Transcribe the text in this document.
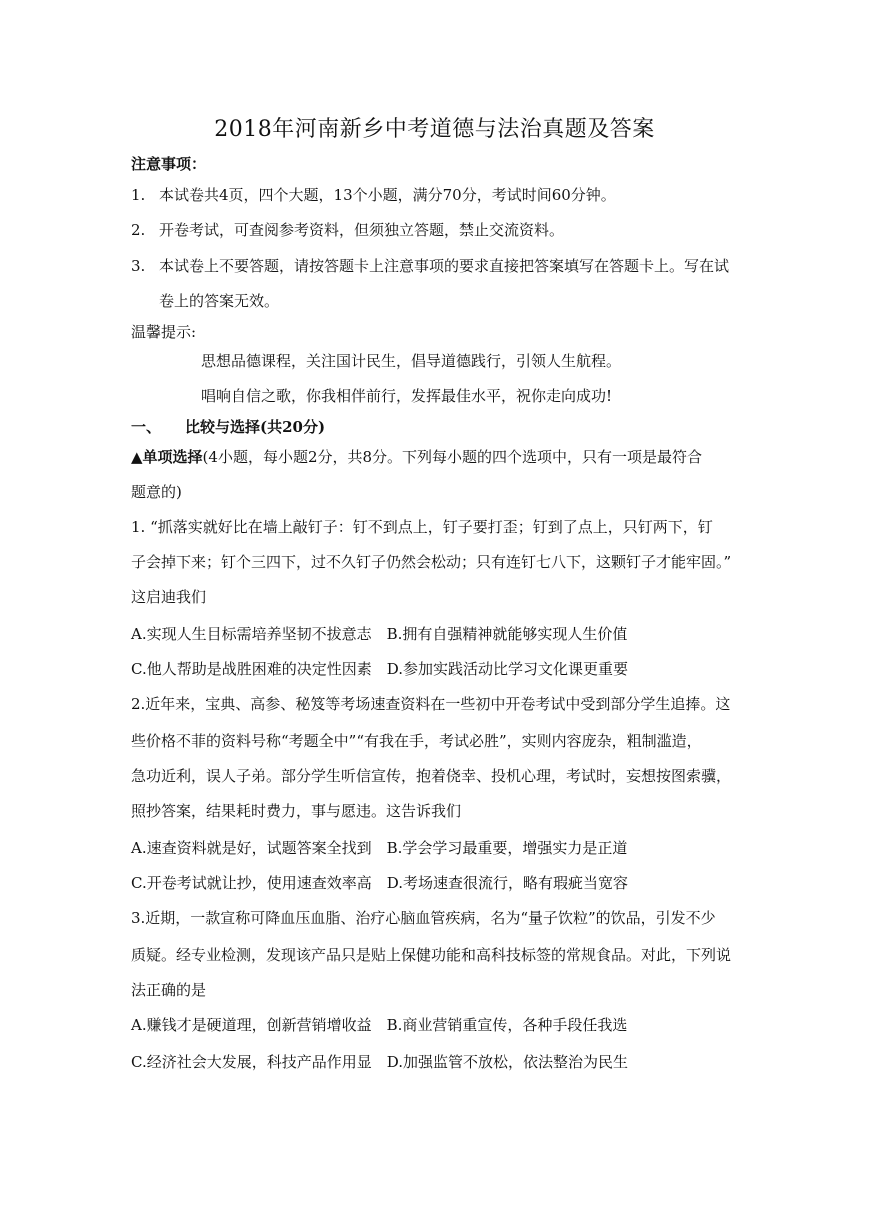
2018年河南新乡中考道德与法治真题及答案
注意事项：
1. 本试卷共4页，四个大题，13个小题，满分70分，考试时间60分钟。
2. 开卷考试，可查阅参考资料，但须独立答题，禁止交流资料。
3. 本试卷上不要答题，请按答题卡上注意事项的要求直接把答案填写在答题卡上。写在试
卷上的答案无效。
温馨提示:
思想品德课程，关注国计民生，倡导道德践行，引领人生航程。
唱响自信之歌，你我相伴前行，发挥最佳水平，祝你走向成功!
一、 比较与选择(共20分)
▲单项选择(4小题，每小题2分，共8分。下列每小题的四个选项中，只有一项是最符合
题意的)
1. “抓落实就好比在墙上敲钉子：钉不到点上，钉子要打歪；钉到了点上，只钉两下，钉
子会掉下来；钉个三四下，过不久钉子仍然会松动；只有连钉七八下，这颗钉子才能牢固。”
这启迪我们
A.实现人生目标需培养坚韧不拔意志　B.拥有自强精神就能够实现人生价值
C.他人帮助是战胜困难的决定性因素　D.参加实践活动比学习文化课更重要
2.近年来，宝典、高参、秘笈等考场速查资料在一些初中开卷考试中受到部分学生追捧。这
些价格不菲的资料号称“考题全中”“有我在手，考试必胜”，实则内容庞杂，粗制滥造，
急功近利，误人子弟。部分学生听信宣传，抱着侥幸、投机心理，考试时，妄想按图索骥，
照抄答案，结果耗时费力，事与愿违。这告诉我们
A.速查资料就是好，试题答案全找到　B.学会学习最重要，增强实力是正道
C.开卷考试就让抄，使用速查效率高　D.考场速查很流行，略有瑕疵当宽容
3.近期，一款宣称可降血压血脂、治疗心脑血管疾病，名为“量子饮粒”的饮品，引发不少
质疑。经专业检测，发现该产品只是贴上保健功能和高科技标签的常规食品。对此，下列说
法正确的是
A.赚钱才是硬道理，创新营销增收益　B.商业营销重宣传，各种手段任我选
C.经济社会大发展，科技产品作用显　D.加强监管不放松，依法整治为民生
